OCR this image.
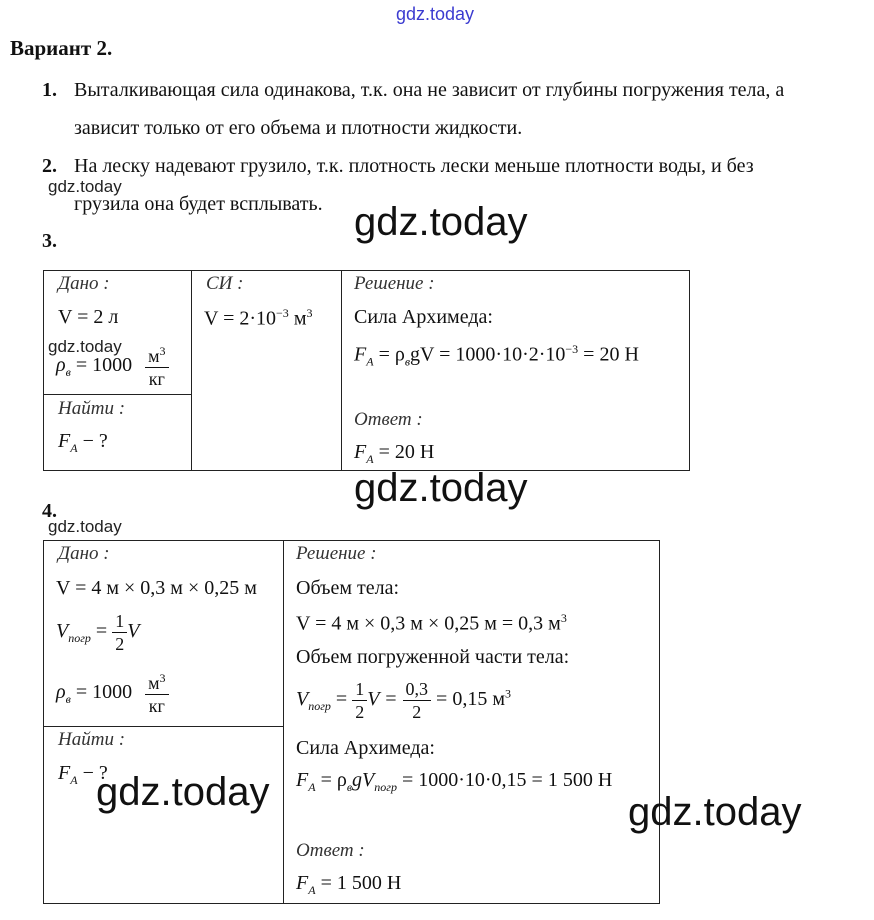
gdz.today
Вариант 2.
1. Выталкивающая сила одинакова, т.к. она не зависит от глубины погружения тела, а
зависит только от его объема и плотности жидкости.
2. На леску надевают грузило, т.к. плотность лески меньше плотности воды, и без
gdz.today
грузила она будет всплывать. gdz.today
3.
Дано :
V = 2 л
gdz.today
$\rho_в = 1000 \frac{м^3}{кг}$
Найти :
$F_A$ − ?
СИ :
$V = 2\cdot 10^{-3}$ $м^3$
Решение :
Сила Архимеда:
$F_A = \rho_вgV = 1000\cdot 10\cdot 2\cdot 10^{-3} = 20$ Н
Ответ :
$F_A = 20$ Н
gdz.today
4.
gdz.today
Дано :
V = 4 м × 0,3 м × 0,25 м
$V_{погр} = \frac{1}{2}$ V
$\rho_в = 1000 \frac{м^3}{кг}$
Найти :
$F_A$ − ?
gdz.today
Решение :
Объем тела:
V = 4 м × 0,3 м × 0,25 м = 0,3 $м^3$
Объем погруженной части тела:
$V_{погр} = \frac{1}{2}$ $V = \frac{0,3}{2} = 0,15$ $м^3$
Сила Архимеда:
$F_A = \rho_вgV_{погр} = 1000\cdot 10\cdot 0,15 = 1$ 500 Н
gdz.today
Ответ :
$F_A = 1$ 500 Н
